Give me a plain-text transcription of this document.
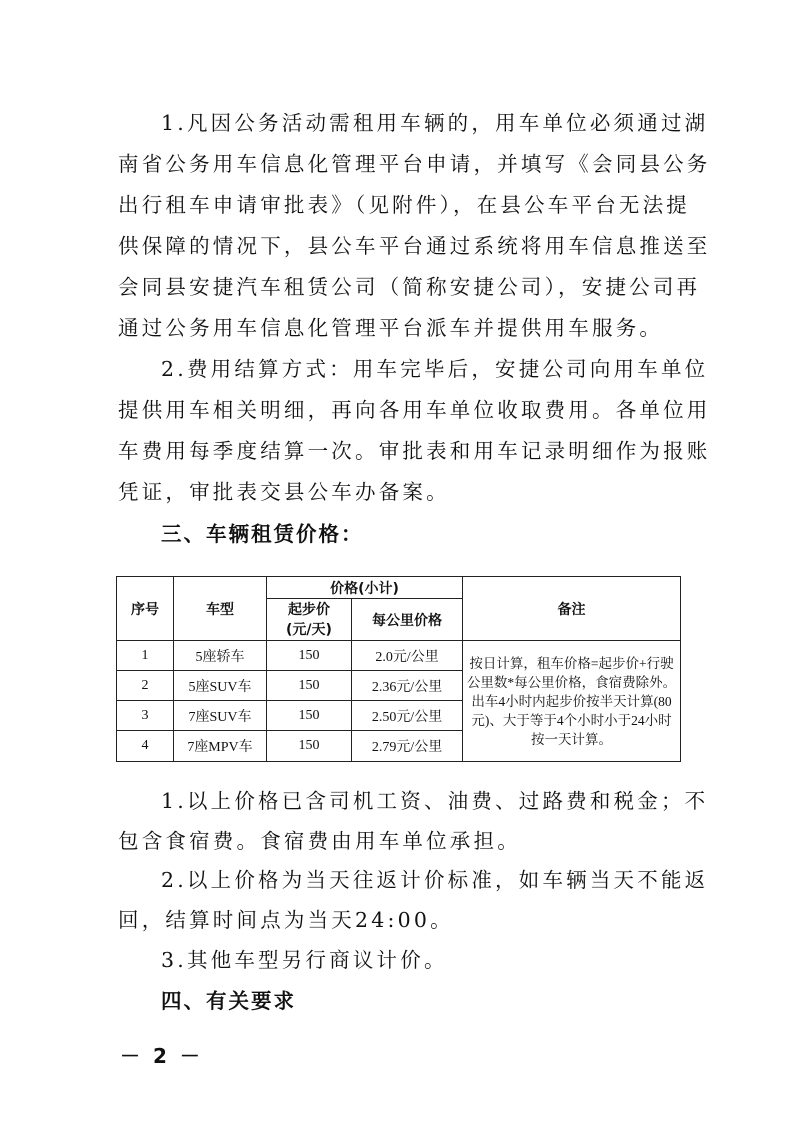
1.凡因公务活动需租用车辆的，用车单位必须通过湖
南省公务用车信息化管理平台申请，并填写《会同县公务
出行租车申请审批表》（见附件），在县公车平台无法提
供保障的情况下，县公车平台通过系统将用车信息推送至
会同县安捷汽车租赁公司（简称安捷公司），安捷公司再
通过公务用车信息化管理平台派车并提供用车服务。
2.费用结算方式：用车完毕后，安捷公司向用车单位
提供用车相关明细，再向各用车单位收取费用。各单位用
车费用每季度结算一次。审批表和用车记录明细作为报账
凭证，审批表交县公车办备案。
三、车辆租赁价格：
序号	车型	价格(小计)		备注
		起步价(元/天)	每公里价格	
1	5座轿车	150	2.0元/公里	按日计算，租车价格=起步价+行驶公里数*每公里价格，食宿费除外。出车4小时内起步价按半天计算(80元)、大于等于4个小时小于24小时按一天计算。
2	5座SUV车	150	2.36元/公里	
3	7座SUV车	150	2.50元/公里	
4	7座MPV车	150	2.79元/公里	
1.以上价格已含司机工资、油费、过路费和税金；不
包含食宿费。食宿费由用车单位承担。
2.以上价格为当天往返计价标准，如车辆当天不能返
回，结算时间点为当天24:00。
3.其他车型另行商议计价。
四、有关要求
－ 2 －
